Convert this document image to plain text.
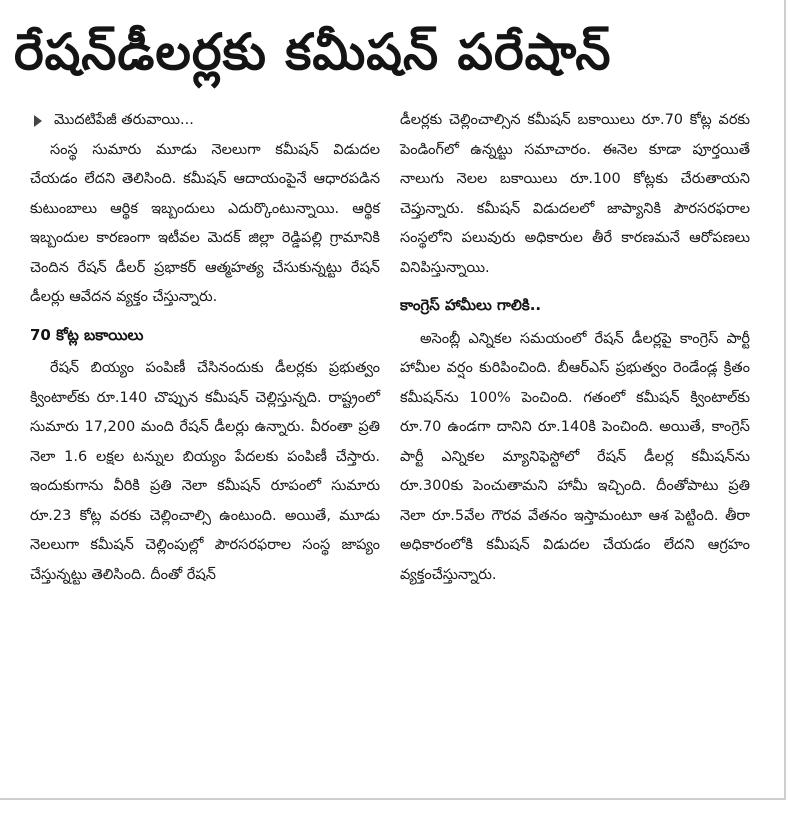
రేషన్‌డీలర్లకు కమీషన్ పరేషాన్
మొదటిపేజీ తరువాయి...

సంస్థ సుమారు మూడు నెలలుగా కమీషన్ విడుదల చేయడం లేదని తెలిసింది. కమీషన్ ఆదాయంపైనే ఆధారపడిన కుటుంబాలు ఆర్థిక ఇబ్బందులు ఎదుర్కొంటున్నాయి. ఆర్థిక ఇబ్బందుల కారణంగా ఇటీవల మెదక్ జిల్లా రెడ్డిపల్లి గ్రామానికి చెందిన రేషన్ డీలర్ ప్రభాకర్ ఆత్మహత్య చేసుకున్నట్టు రేషన్ డీలర్లు ఆవేదన వ్యక్తం చేస్తున్నారు.

70 కోట్ల బకాయిలు

రేషన్ బియ్యం పంపిణీ చేసినందుకు డీలర్లకు ప్రభుత్వం క్వింటాల్‌కు రూ.140 చొప్పున కమీషన్ చెల్లిస్తున్నది. రాష్ట్రంలో సుమారు 17,200 మంది రేషన్ డీలర్లు ఉన్నారు. వీరంతా ప్రతి నెలా 1.6 లక్షల టన్నుల బియ్యం పేదలకు పంపిణీ చేస్తారు. ఇందుకుగాను వీరికి ప్రతి నెలా కమీషన్ రూపంలో సుమారు రూ.23 కోట్ల వరకు చెల్లించాల్సి ఉంటుంది. అయితే, మూడు నెలలుగా కమీషన్ చెల్లింపుల్లో పౌరసరఫరాల సంస్థ జాప్యం చేస్తున్నట్టు తెలిసింది. దీంతో రేషన్

డీలర్లకు చెల్లించాల్సిన కమీషన్ బకాయిలు రూ.70 కోట్ల వరకు పెండింగ్‌లో ఉన్నట్టు సమాచారం. ఈనెల కూడా పూర్తయితే నాలుగు నెలల బకాయిలు రూ.100 కోట్లకు చేరుతాయని చెప్తున్నారు. కమీషన్ విడుదలలో జాప్యానికి పౌరసరఫరాల సంస్థలోని పలువురు అధికారుల తీరే కారణమనే ఆరోపణలు వినిపిస్తున్నాయి.

కాంగ్రెస్ హామీలు గాలికి..

అసెంబ్లీ ఎన్నికల సమయంలో రేషన్ డీలర్లపై కాంగ్రెస్ పార్టీ హామీల వర్షం కురిపించింది. బీఆర్ఎస్ ప్రభుత్వం రెండేండ్ల క్రితం కమీషన్‌ను 100% పెంచింది. గతంలో కమీషన్ క్వింటాల్‌కు రూ.70 ఉండగా దానిని రూ.140కి పెంచింది. అయితే, కాంగ్రెస్ పార్టీ ఎన్నికల మ్యానిఫెస్టోలో రేషన్ డీలర్ల కమీషన్‌ను రూ.300కు పెంచుతామని హామీ ఇచ్చింది. దీంతోపాటు ప్రతి నెలా రూ.5వేల గౌరవ వేతనం ఇస్తామంటూ ఆశ పెట్టింది. తీరా అధికారంలోకి కమీషన్ విడుదల చేయడం లేదని ఆగ్రహం వ్యక్తంచేస్తున్నారు.
